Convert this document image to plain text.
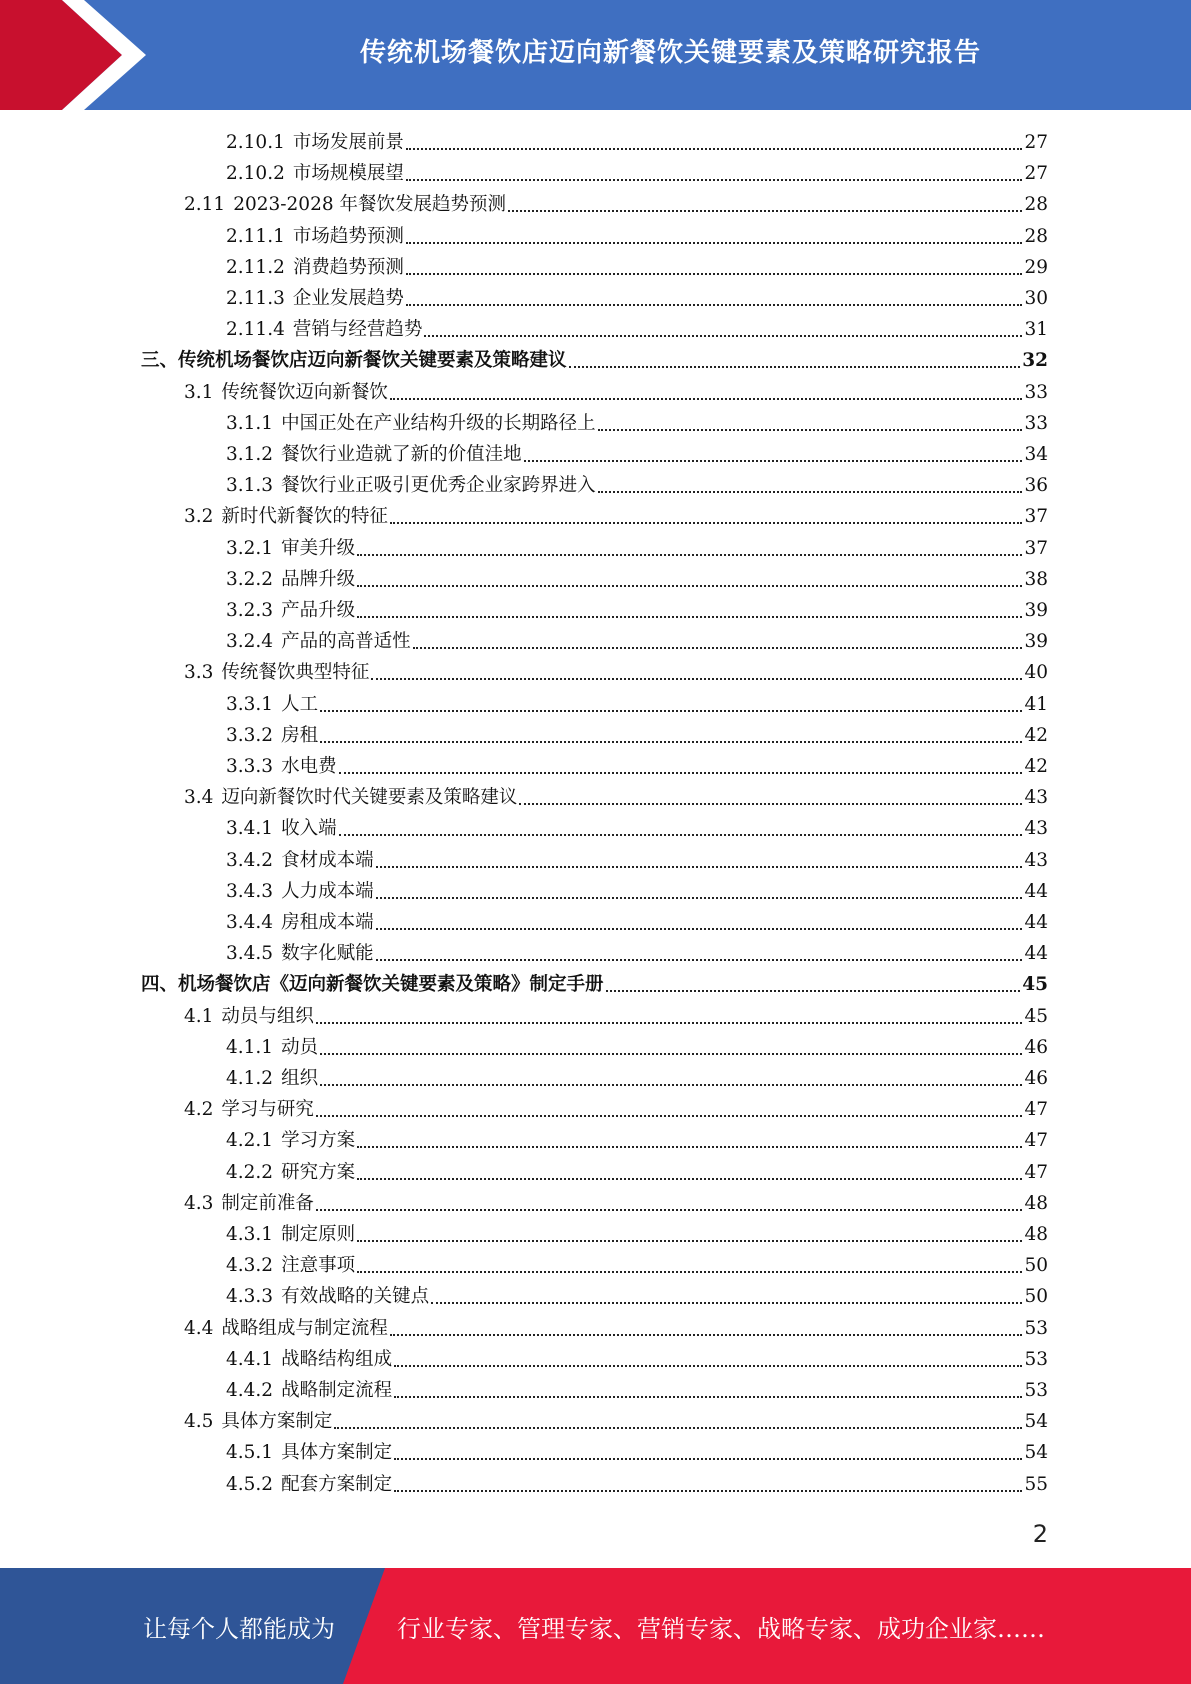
传统机场餐饮店迈向新餐饮关键要素及策略研究报告
2.10.1 市场发展前景	27
2.10.2 市场规模展望	27
2.11 2023-2028 年餐饮发展趋势预测	28
2.11.1 市场趋势预测	28
2.11.2 消费趋势预测	29
2.11.3 企业发展趋势	30
2.11.4 营销与经营趋势	31
三、 传统机场餐饮店迈向新餐饮关键要素及策略建议	32
3.1 传统餐饮迈向新餐饮	33
3.1.1 中国正处在产业结构升级的长期路径上	33
3.1.2 餐饮行业造就了新的价值洼地	34
3.1.3 餐饮行业正吸引更优秀企业家跨界进入	36
3.2 新时代新餐饮的特征	37
3.2.1 审美升级	37
3.2.2 品牌升级	38
3.2.3 产品升级	39
3.2.4 产品的高普适性	39
3.3 传统餐饮典型特征	40
3.3.1 人工	41
3.3.2 房租	42
3.3.3 水电费	42
3.4 迈向新餐饮时代关键要素及策略建议	43
3.4.1 收入端	43
3.4.2 食材成本端	43
3.4.3 人力成本端	44
3.4.4 房租成本端	44
3.4.5 数字化赋能	44
四、 机场餐饮店《迈向新餐饮关键要素及策略》制定手册	45
4.1 动员与组织	45
4.1.1 动员	46
4.1.2 组织	46
4.2 学习与研究	47
4.2.1 学习方案	47
4.2.2 研究方案	47
4.3 制定前准备	48
4.3.1 制定原则	48
4.3.2 注意事项	50
4.3.3 有效战略的关键点	50
4.4 战略组成与制定流程	53
4.4.1 战略结构组成	53
4.4.2 战略制定流程	53
4.5 具体方案制定	54
4.5.1 具体方案制定	54
4.5.2 配套方案制定	55
2
让每个人都能成为	行业专家、管理专家、营销专家、战略专家、成功企业家……
